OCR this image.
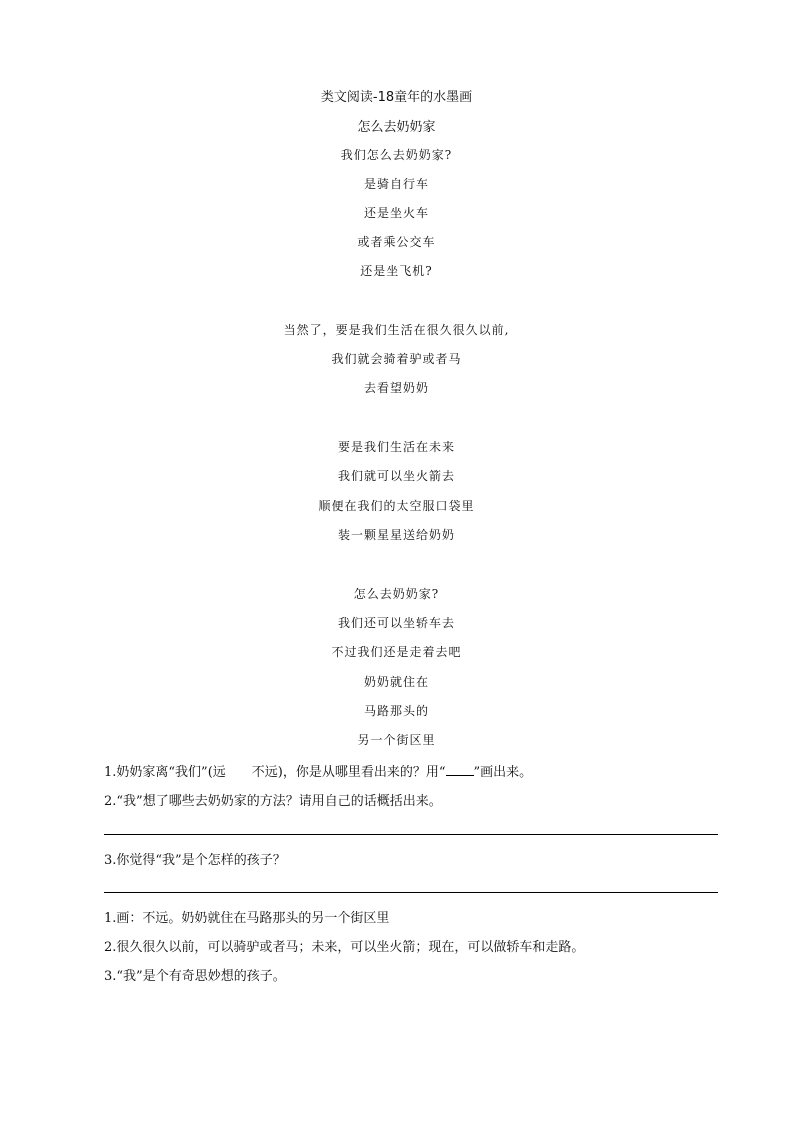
类文阅读-18童年的水墨画
怎么去奶奶家
我们怎么去奶奶家?
是骑自行车
还是坐火车
或者乘公交车
还是坐飞机?
当然了，要是我们生活在很久很久以前,
我们就会骑着驴或者马
去看望奶奶
要是我们生活在未来
我们就可以坐火箭去
顺便在我们的太空服口袋里
装一颗星星送给奶奶
怎么去奶奶家?
我们还可以坐轿车去
不过我们还是走着去吧
奶奶就住在
马路那头的
另一个街区里
1.奶奶家离“我们”(远　　不远)，你是从哪里看出来的？用“ ”画出来。
2.“我”想了哪些去奶奶家的方法？请用自己的话概括出来。
3.你觉得“我”是个怎样的孩子？
1.画：不远。奶奶就住在马路那头的另一个街区里
2.很久很久以前，可以骑驴或者马；未来，可以坐火箭；现在，可以做轿车和走路。
3.“我”是个有奇思妙想的孩子。
